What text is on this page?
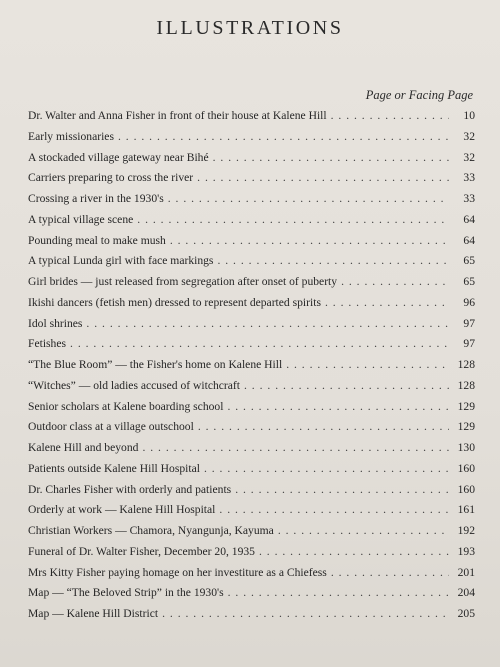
ILLUSTRATIONS
Page or Facing Page
Dr. Walter and Anna Fisher in front of their house at Kalene Hill . . .	10
Early missionaries . . .	32
A stockaded village gateway near Bihé . . .	32
Carriers preparing to cross the river . . .	33
Crossing a river in the 1930's . . .	33
A typical village scene . . .	64
Pounding meal to make mush . . .	64
A typical Lunda girl with face markings . . .	65
Girl brides — just released from segregation after onset of puberty . . .	65
Ikishi dancers (fetish men) dressed to represent departed spirits . . .	96
Idol shrines . . .	97
Fetishes . . .	97
“The Blue Room” — the Fisher's home on Kalene Hill . . .	128
“Witches” — old ladies accused of witchcraft . . .	128
Senior scholars at Kalene boarding school . . .	129
Outdoor class at a village outschool . . .	129
Kalene Hill and beyond . . .	130
Patients outside Kalene Hill Hospital . . .	160
Dr. Charles Fisher with orderly and patients . . .	160
Orderly at work — Kalene Hill Hospital . . .	161
Christian Workers — Chamora, Nyangunja, Kayuma . . .	192
Funeral of Dr. Walter Fisher, December 20, 1935 . . .	193
Mrs Kitty Fisher paying homage on her investiture as a Chiefess . . .	201
Map — “The Beloved Strip” in the 1930's . . .	204
Map — Kalene Hill District . . .	205
